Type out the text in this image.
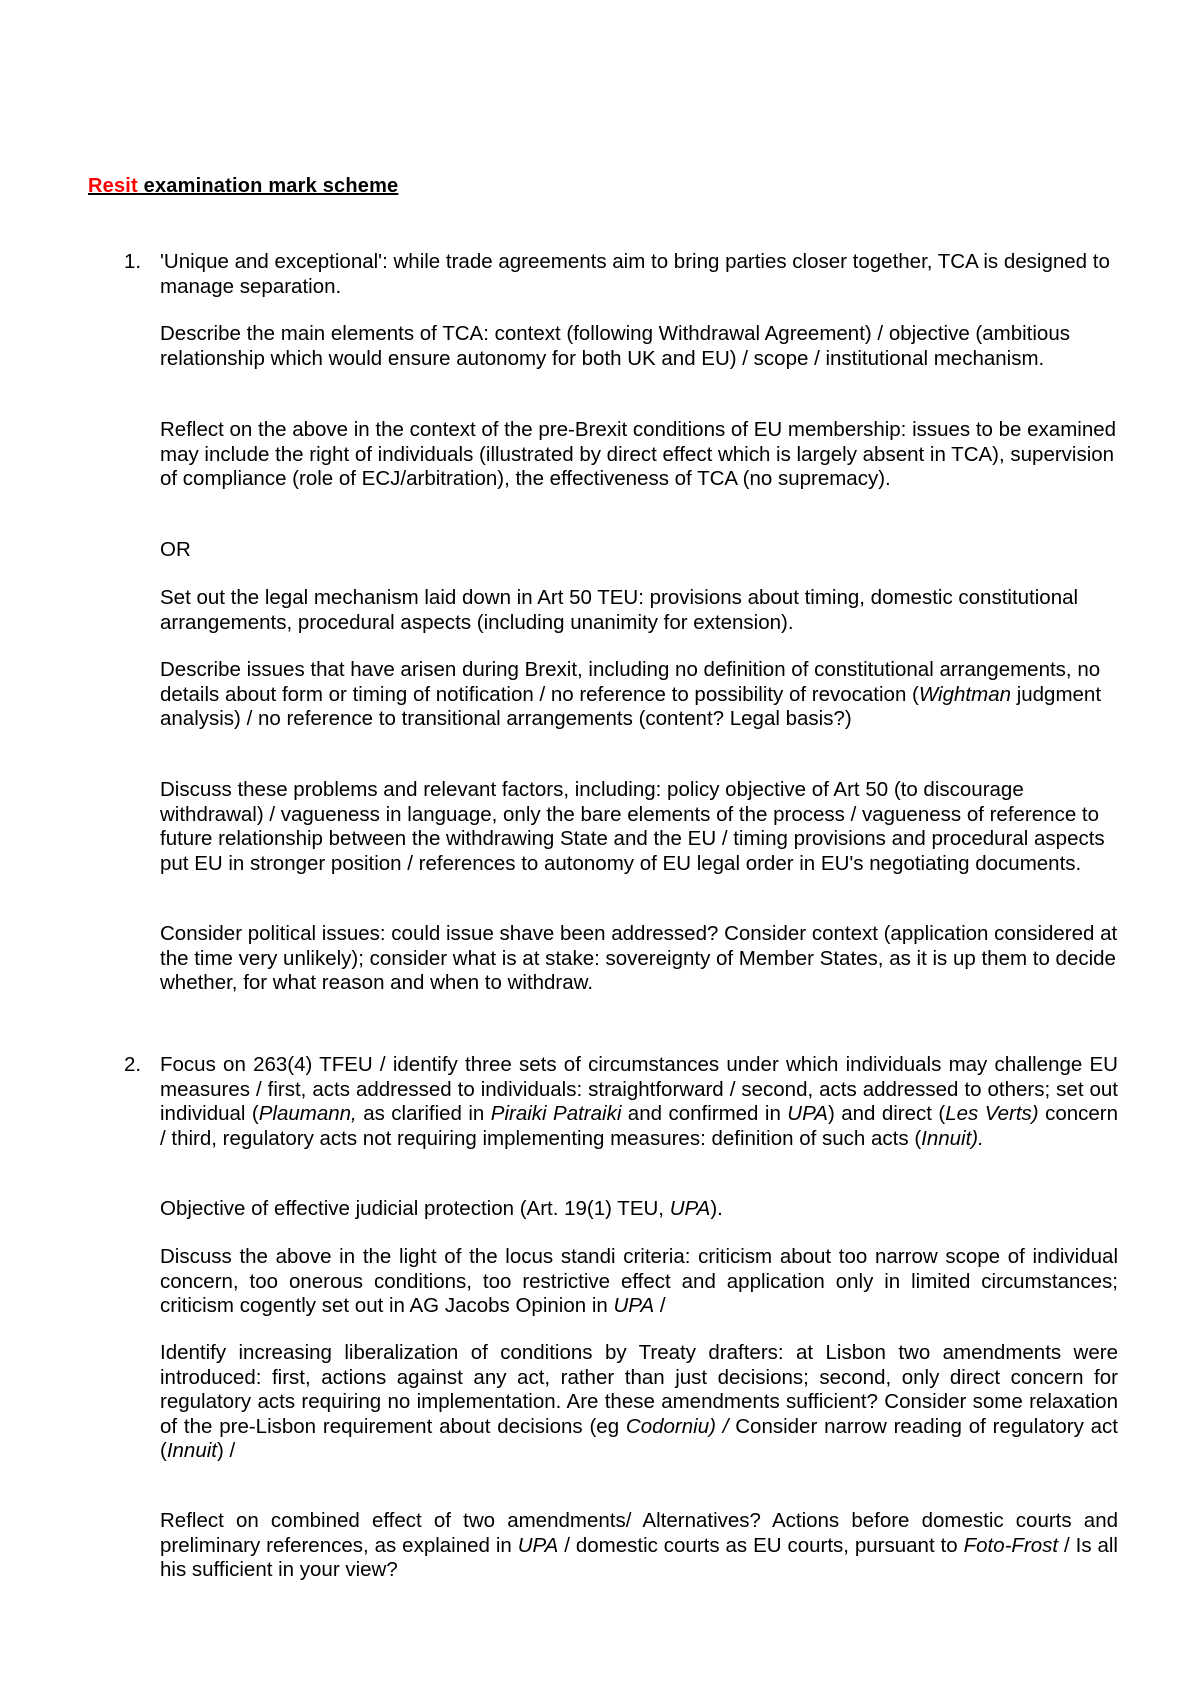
Resit examination mark scheme
1. 'Unique and exceptional': while trade agreements aim to bring parties closer together, TCA is designed to manage separation.

Describe the main elements of TCA: context (following Withdrawal Agreement) / objective (ambitious relationship which would ensure autonomy for both UK and EU) / scope / institutional mechanism.

Reflect on the above in the context of the pre-Brexit conditions of EU membership: issues to be examined may include the right of individuals (illustrated by direct effect which is largely absent in TCA), supervision of compliance (role of ECJ/arbitration), the effectiveness of TCA (no supremacy).

OR

Set out the legal mechanism laid down in Art 50 TEU: provisions about timing, domestic constitutional arrangements, procedural aspects (including unanimity for extension).

Describe issues that have arisen during Brexit, including no definition of constitutional arrangements, no details about form or timing of notification / no reference to possibility of revocation (Wightman judgment analysis) / no reference to transitional arrangements (content? Legal basis?)

Discuss these problems and relevant factors, including: policy objective of Art 50 (to discourage withdrawal) / vagueness in language, only the bare elements of the process / vagueness of reference to future relationship between the withdrawing State and the EU / timing provisions and procedural aspects put EU in stronger position / references to autonomy of EU legal order in EU's negotiating documents.

Consider political issues: could issue shave been addressed? Consider context (application considered at the time very unlikely); consider what is at stake: sovereignty of Member States, as it is up them to decide whether, for what reason and when to withdraw.

2. Focus on 263(4) TFEU / identify three sets of circumstances under which individuals may challenge EU measures / first, acts addressed to individuals: straightforward / second, acts addressed to others; set out individual (Plaumann, as clarified in Piraiki Patraiki and confirmed in UPA) and direct (Les Verts) concern / third, regulatory acts not requiring implementing measures: definition of such acts (Innuit).

Objective of effective judicial protection (Art. 19(1) TEU, UPA).

Discuss the above in the light of the locus standi criteria: criticism about too narrow scope of individual concern, too onerous conditions, too restrictive effect and application only in limited circumstances; criticism cogently set out in AG Jacobs Opinion in UPA /

Identify increasing liberalization of conditions by Treaty drafters: at Lisbon two amendments were introduced: first, actions against any act, rather than just decisions; second, only direct concern for regulatory acts requiring no implementation. Are these amendments sufficient? Consider some relaxation of the pre-Lisbon requirement about decisions (eg Codorniu) / Consider narrow reading of regulatory act (Innuit) /

Reflect on combined effect of two amendments/ Alternatives? Actions before domestic courts and preliminary references, as explained in UPA / domestic courts as EU courts, pursuant to Foto-Frost / Is all his sufficient in your view?
